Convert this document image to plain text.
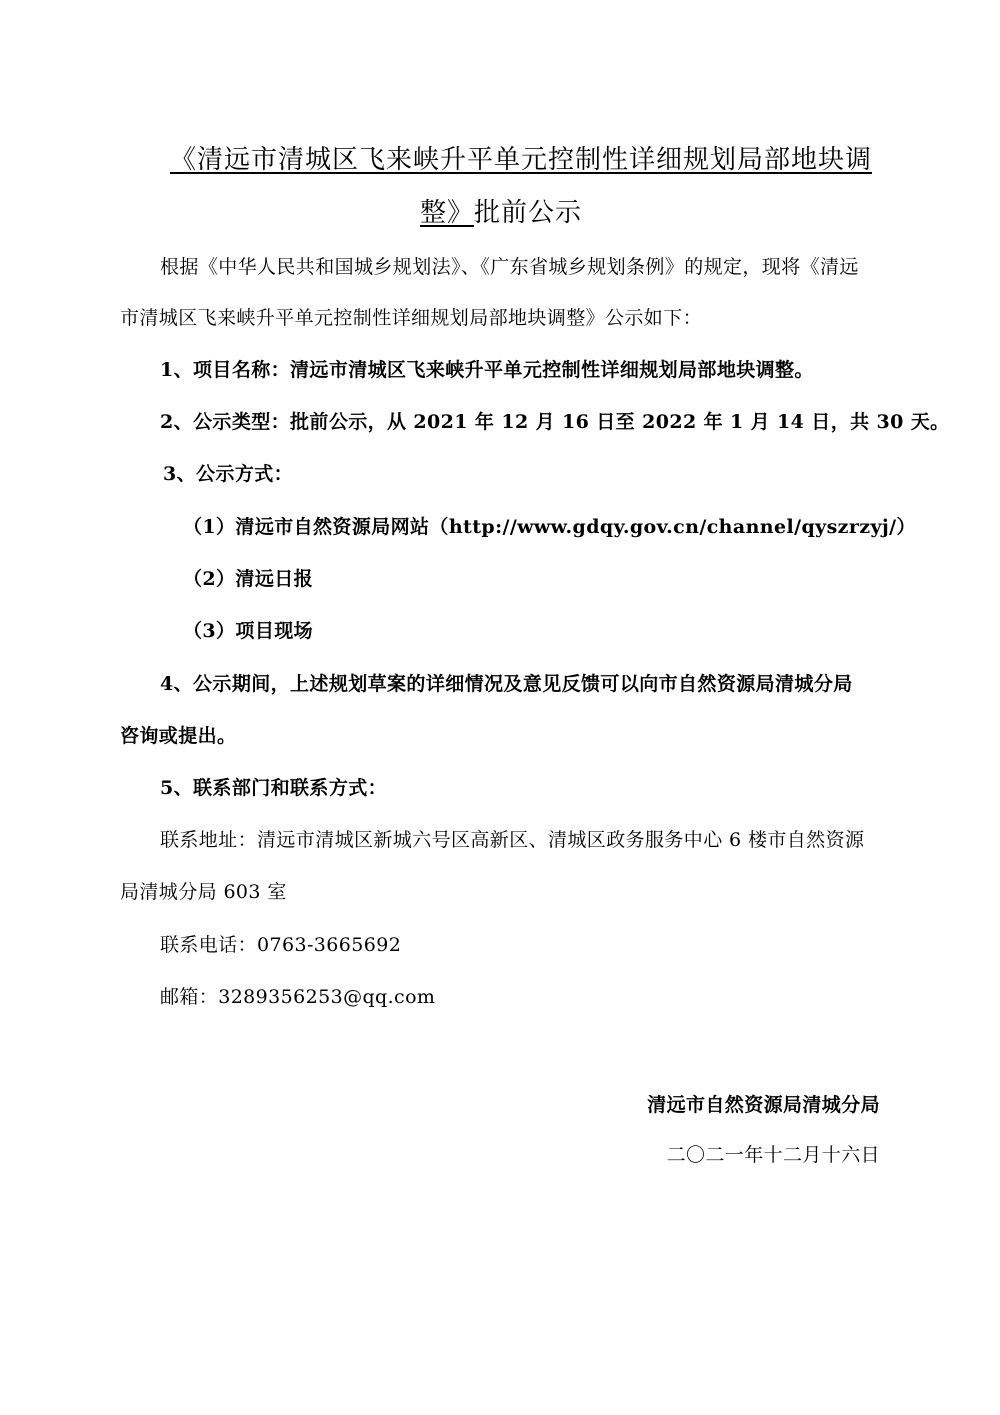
《清远市清城区飞来峡升平单元控制性详细规划局部地块调
整》批前公示
根据《中华人民共和国城乡规划法》、《广东省城乡规划条例》的规定，现将《清远
市清城区飞来峡升平单元控制性详细规划局部地块调整》公示如下：
1、项目名称：清远市清城区飞来峡升平单元控制性详细规划局部地块调整。
2、公示类型：批前公示，从 2021 年 12 月 16 日至 2022 年 1 月 14 日，共 30 天。
3、公示方式：
（1）清远市自然资源局网站（http://www.gdqy.gov.cn/channel/qyszrzyj/）
（2）清远日报
（3）项目现场
4、公示期间，上述规划草案的详细情况及意见反馈可以向市自然资源局清城分局
咨询或提出。
5、联系部门和联系方式：
联系地址：清远市清城区新城六号区高新区、清城区政务服务中心 6 楼市自然资源
局清城分局 603 室
联系电话：0763-3665692
邮箱：3289356253@qq.com
清远市自然资源局清城分局
二〇二一年十二月十六日
